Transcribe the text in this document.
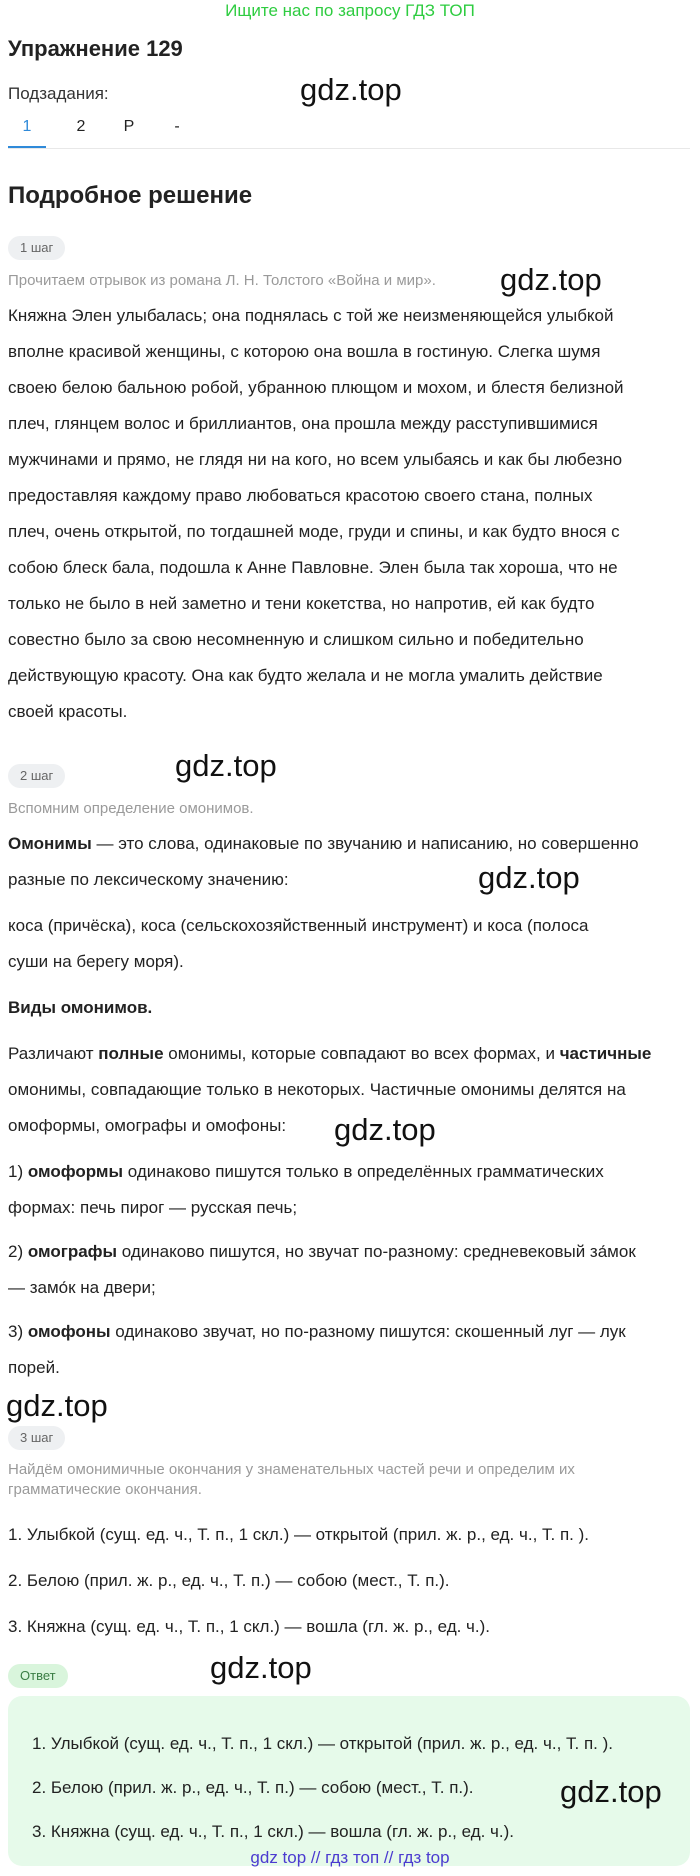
Ищите нас по запросу ГДЗ ТОП
Упражнение 129
Подзадания:
1	2	P	-
gdz.top
Подробное решение
1 шаг
Прочитаем отрывок из романа Л. Н. Толстого «Война и мир».	gdz.top
Княжна Элен улыбалась; она поднялась с той же неизменяющейся улыбкой
вполне красивой женщины, с которою она вошла в гостиную. Слегка шумя
своею белою бальною робой, убранною плющом и мохом, и блестя белизной
плеч, глянцем волос и бриллиантов, она прошла между расступившимися
мужчинами и прямо, не глядя ни на кого, но всем улыбаясь и как бы любезно
предоставляя каждому право любоваться красотою своего стана, полных
плеч, очень открытой, по тогдашней моде, груди и спины, и как будто внося с
собою блеск бала, подошла к Анне Павловне. Элен была так хороша, что не
только не было в ней заметно и тени кокетства, но напротив, ей как будто
совестно было за свою несомненную и слишком сильно и победительно
действующую красоту. Она как будто желала и не могла умалить действие
своей красоты.
gdz.top
2 шаг
Вспомним определение омонимов.
Омонимы — это слова, одинаковые по звучанию и написанию, но совершенно
разные по лексическому значению:	gdz.top
коса (причёска), коса (сельскохозяйственный инструмент) и коса (полоса
суши на берегу моря).
Виды омонимов.
Различают полные омонимы, которые совпадают во всех формах, и частичные
омонимы, совпадающие только в некоторых. Частичные омонимы делятся на
омоформы, омографы и омофоны:	gdz.top
1) омоформы одинаково пишутся только в определённых грамматических
формах: печь пирог — русская печь;
2) омографы одинаково пишутся, но звучат по-разному: средневековый за́мок
— замо́к на двери;
3) омофоны одинаково звучат, но по-разному пишутся: скошенный луг — лук
порей.
gdz.top
3 шаг
Найдём омонимичные окончания у знаменательных частей речи и определим их
грамматические окончания.
1. Улыбкой (сущ. ед. ч., Т. п., 1 скл.) — открытой (прил. ж. р., ед. ч., Т. п. ).
2. Белою (прил. ж. р., ед. ч., Т. п.) — собою (мест., Т. п.).
3. Княжна (сущ. ед. ч., Т. п., 1 скл.) — вошла (гл. ж. р., ед. ч.).
Ответ	gdz.top
1. Улыбкой (сущ. ед. ч., Т. п., 1 скл.) — открытой (прил. ж. р., ед. ч., Т. п. ).
2. Белою (прил. ж. р., ед. ч., Т. п.) — собою (мест., Т. п.).
3. Княжна (сущ. ед. ч., Т. п., 1 скл.) — вошла (гл. ж. р., ед. ч.).
gdz.top
gdz top // гдз топ // гдз top
